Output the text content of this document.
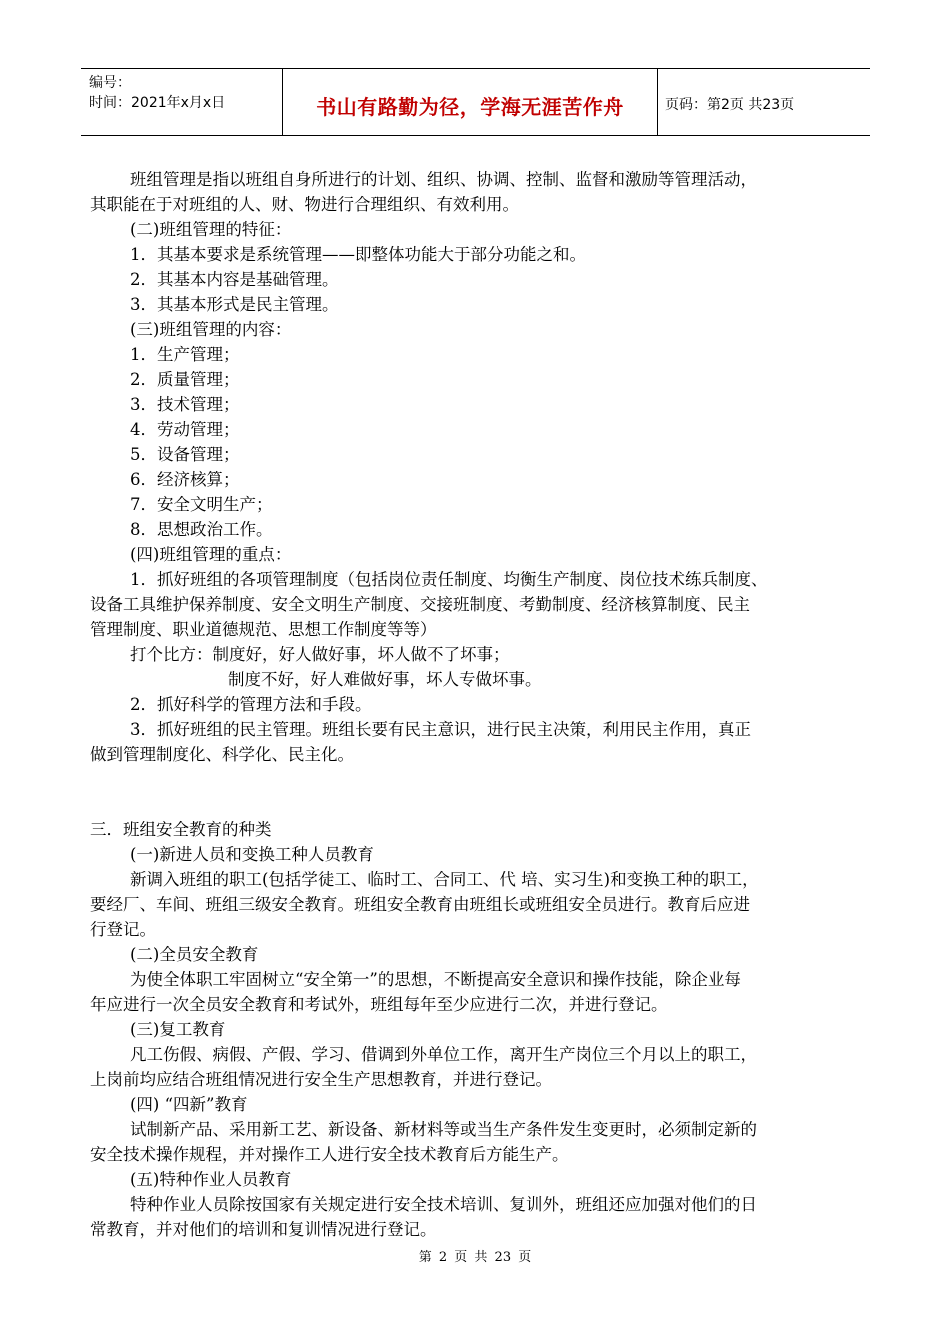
编号：
时间：2021年x月x日	书山有路勤为径，学海无涯苦作舟	页码：第2页 共23页
班组管理是指以班组自身所进行的计划、组织、协调、控制、监督和激励等管理活动，
其职能在于对班组的人、财、物进行合理组织、有效利用。
(二)班组管理的特征：
1．其基本要求是系统管理——即整体功能大于部分功能之和。
2．其基本内容是基础管理。
3．其基本形式是民主管理。
(三)班组管理的内容：
1．生产管理；
2．质量管理；
3．技术管理；
4．劳动管理；
5．设备管理；
6．经济核算；
7．安全文明生产；
8．思想政治工作。
(四)班组管理的重点：
1．抓好班组的各项管理制度（包括岗位责任制度、均衡生产制度、岗位技术练兵制度、
设备工具维护保养制度、安全文明生产制度、交接班制度、考勤制度、经济核算制度、民主
管理制度、职业道德规范、思想工作制度等等）
打个比方：制度好，好人做好事，坏人做不了坏事；
制度不好，好人难做好事，坏人专做坏事。
2．抓好科学的管理方法和手段。
3．抓好班组的民主管理。班组长要有民主意识，进行民主决策，利用民主作用，真正
做到管理制度化、科学化、民主化。
三．班组安全教育的种类
(一)新进人员和变换工种人员教育
新调入班组的职工(包括学徒工、临时工、合同工、代 培、实习生)和变换工种的职工，
要经厂、车间、班组三级安全教育。班组安全教育由班组长或班组安全员进行。教育后应进
行登记。
(二)全员安全教育
为使全体职工牢固树立“安全第一”的思想，不断提高安全意识和操作技能，除企业每
年应进行一次全员安全教育和考试外，班组每年至少应进行二次，并进行登记。
(三)复工教育
凡工伤假、病假、产假、学习、借调到外单位工作，离开生产岗位三个月以上的职工，
上岗前均应结合班组情况进行安全生产思想教育，并进行登记。
(四) “四新”教育
试制新产品、采用新工艺、新设备、新材料等或当生产条件发生变更时，必须制定新的
安全技术操作规程，并对操作工人进行安全技术教育后方能生产。
(五)特种作业人员教育
特种作业人员除按国家有关规定进行安全技术培训、复训外，班组还应加强对他们的日
常教育，并对他们的培训和复训情况进行登记。
第 2 页 共 23 页
